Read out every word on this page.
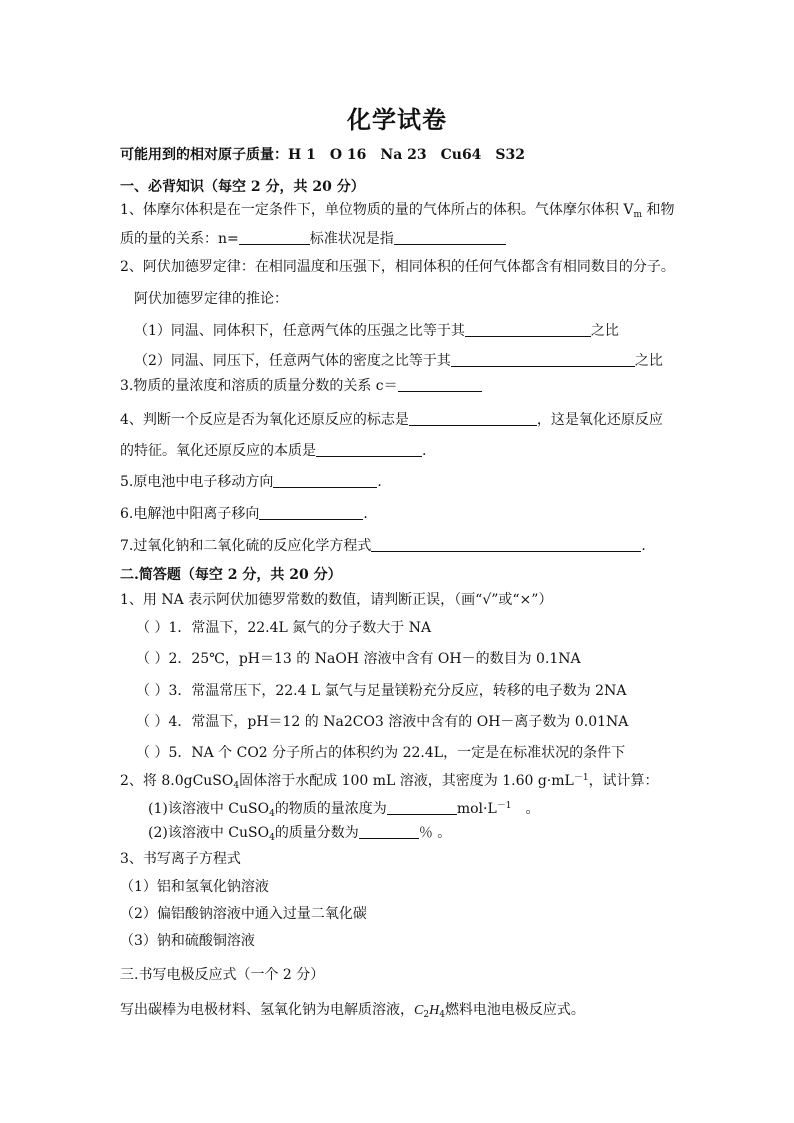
化学试卷
可能用到的相对原子质量：H 1　O 16　Na 23　Cu64　S32
一、必背知识（每空 2 分，共 20 分）
1、体摩尔体积是在一定条件下，单位物质的量的气体所占的体积。气体摩尔体积 $V_m$ 和物
质的量的关系：n=	标准状况是指
2、阿伏加德罗定律：在相同温度和压强下，相同体积的任何气体都含有相同数目的分子。
阿伏加德罗定律的推论：
（1）同温、同体积下，任意两气体的压强之比等于其	之比
（2）同温、同压下，任意两气体的密度之比等于其	之比
3.物质的量浓度和溶质的质量分数的关系 c＝
4、判断一个反应是否为氧化还原反应的标志是	，这是氧化还原反应
的特征。氧化还原反应的本质是	.
5.原电池中电子移动方向	.
6.电解池中阳离子移向	.
7.过氧化钠和二氧化硫的反应化学方程式	.
二.简答题（每空 2 分，共 20 分）
1、用 NA 表示阿伏加德罗常数的数值，请判断正误，（画“√”或“×”）
（ ）1．常温下，22.4L 氮气的分子数大于 NA
（ ）2．25℃，pH＝13 的 NaOH 溶液中含有 OH－的数目为 0.1NA
（ ）3．常温常压下，22.4 L 氯气与足量镁粉充分反应，转移的电子数为 2NA
（ ）4．常温下，pH＝12 的 Na2CO3 溶液中含有的 OH－离子数为 0.01NA
（ ）5．NA 个 CO2 分子所占的体积约为 22.4L，一定是在标准状况的条件下
2、将 8.0gCuSO$_4$固体溶于水配成 100 mL 溶液，其密度为 1.60 $g\cdot mL^{-1}$，试计算：
(1)该溶液中 CuSO$_4$的物质的量浓度为	$mol\cdot L^{-1}$　。
(2)该溶液中 CuSO$_4$的质量分数为	％ 。
3、书写离子方程式
（1）铝和氢氧化钠溶液
（2）偏铝酸钠溶液中通入过量二氧化碳
（3）钠和硫酸铜溶液
三.书写电极反应式（一个 2 分）
写出碳棒为电极材料、氢氧化钠为电解质溶液，$C_2H_4$燃料电池电极反应式。
